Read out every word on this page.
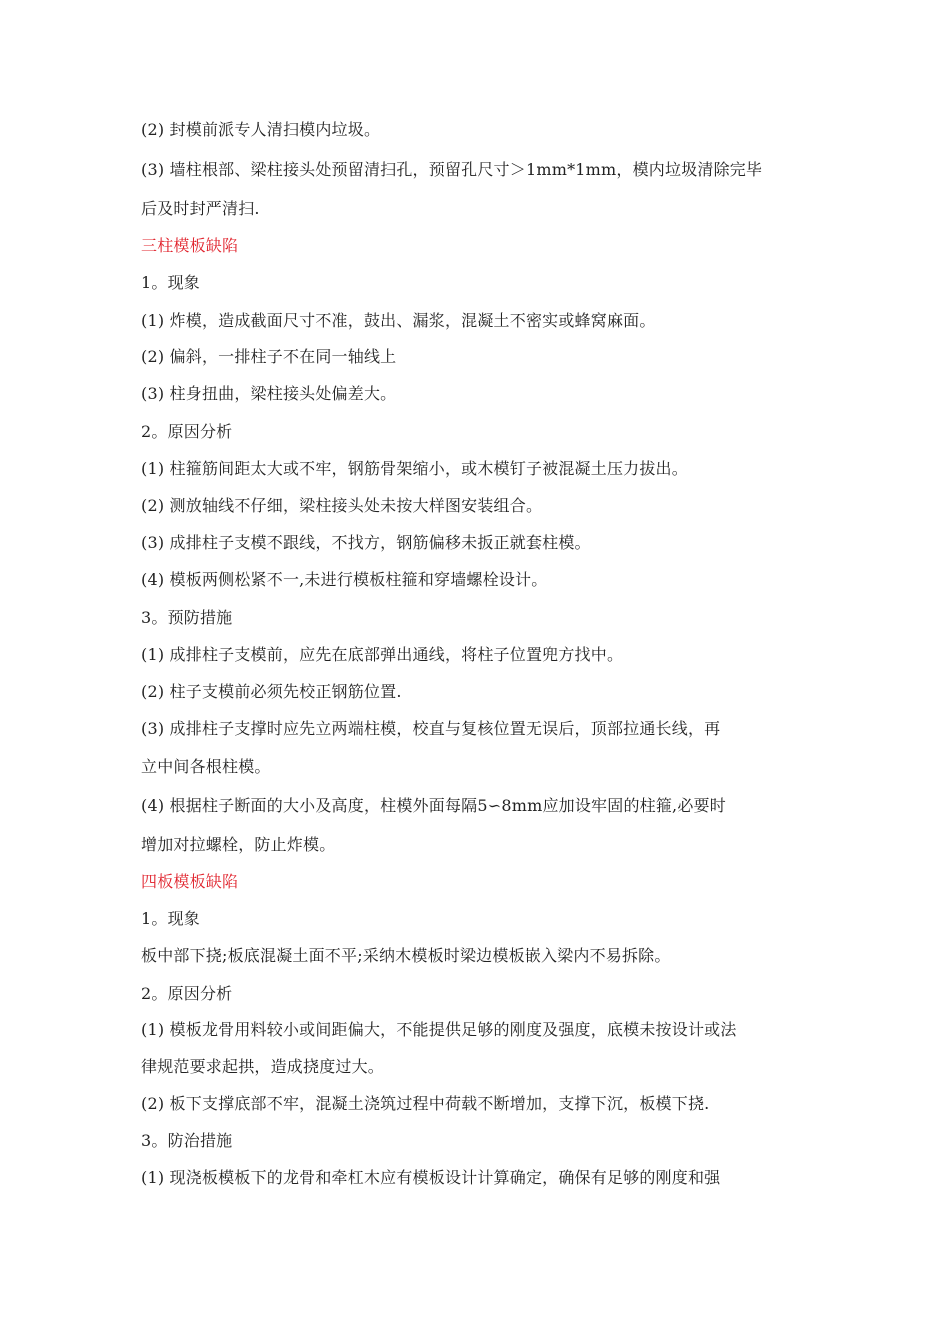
(2) 封模前派专人清扫模内垃圾。
(3) 墙柱根部、梁柱接头处预留清扫孔，预留孔尺寸＞1mm*1mm，模内垃圾清除完毕
后及时封严清扫.
三柱模板缺陷
1。现象
(1) 炸模，造成截面尺寸不准，鼓出、漏浆，混凝土不密实或蜂窝麻面。
(2) 偏斜，一排柱子不在同一轴线上
(3) 柱身扭曲，梁柱接头处偏差大。
2。原因分析
(1) 柱箍筋间距太大或不牢，钢筋骨架缩小，或木模钉子被混凝土压力拔出。
(2) 测放轴线不仔细，梁柱接头处未按大样图安装组合。
(3) 成排柱子支模不跟线，不找方，钢筋偏移未扳正就套柱模。
(4) 模板两侧松紧不一,未进行模板柱箍和穿墙螺栓设计。
3。预防措施
(1) 成排柱子支模前，应先在底部弹出通线，将柱子位置兜方找中。
(2) 柱子支模前必须先校正钢筋位置.
(3) 成排柱子支撑时应先立两端柱模，校直与复核位置无误后，顶部拉通长线，再
立中间各根柱模。
(4) 根据柱子断面的大小及高度，柱模外面每隔5∽8mm应加设牢固的柱箍,必要时
增加对拉螺栓，防止炸模。
四板模板缺陷
1。现象
板中部下挠;板底混凝土面不平;采纳木模板时梁边模板嵌入梁内不易拆除。
2。原因分析
(1) 模板龙骨用料较小或间距偏大，不能提供足够的刚度及强度，底模未按设计或法
律规范要求起拱，造成挠度过大。
(2) 板下支撑底部不牢，混凝土浇筑过程中荷载不断增加，支撑下沉，板模下挠.
3。防治措施
(1) 现浇板模板下的龙骨和牵杠木应有模板设计计算确定，确保有足够的刚度和强
